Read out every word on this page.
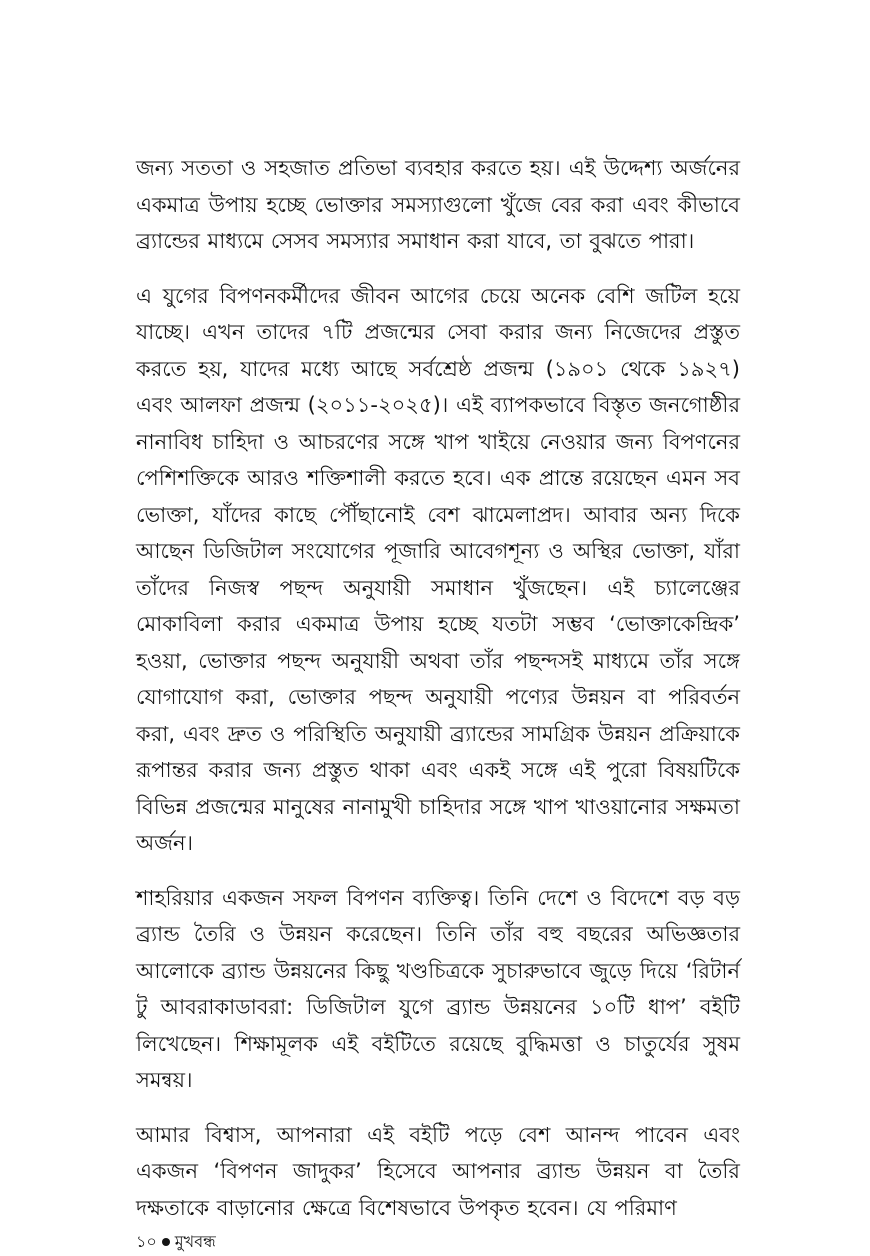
জন্য সততা ও সহজাত প্রতিভা ব্যবহার করতে হয়। এই উদ্দেশ্য অর্জনের একমাত্র উপায় হচ্ছে ভোক্তার সমস্যাগুলো খুঁজে বের করা এবং কীভাবে ব্র্যান্ডের মাধ্যমে সেসব সমস্যার সমাধান করা যাবে, তা বুঝতে পারা।

এ যুগের বিপণনকর্মীদের জীবন আগের চেয়ে অনেক বেশি জটিল হয়ে যাচ্ছে। এখন তাদের ৭টি প্রজন্মের সেবা করার জন্য নিজেদের প্রস্তুত করতে হয়, যাদের মধ্যে আছে সর্বশ্রেষ্ঠ প্রজন্ম (১৯০১ থেকে ১৯২৭) এবং আলফা প্রজন্ম (২০১১-২০২৫)। এই ব্যাপকভাবে বিস্তৃত জনগোষ্ঠীর নানাবিধ চাহিদা ও আচরণের সঙ্গে খাপ খাইয়ে নেওয়ার জন্য বিপণনের পেশিশক্তিকে আরও শক্তিশালী করতে হবে। এক প্রান্তে রয়েছেন এমন সব ভোক্তা, যাঁদের কাছে পৌঁছানোই বেশ ঝামেলাপ্রদ। আবার অন্য দিকে আছেন ডিজিটাল সংযোগের পূজারি আবেগশূন্য ও অস্থির ভোক্তা, যাঁরা তাঁদের নিজস্ব পছন্দ অনুযায়ী সমাধান খুঁজছেন। এই চ্যালেঞ্জের মোকাবিলা করার একমাত্র উপায় হচ্ছে যতটা সম্ভব ‘ভোক্তাকেন্দ্রিক’ হওয়া, ভোক্তার পছন্দ অনুযায়ী অথবা তাঁর পছন্দসই মাধ্যমে তাঁর সঙ্গে যোগাযোগ করা, ভোক্তার পছন্দ অনুযায়ী পণ্যের উন্নয়ন বা পরিবর্তন করা, এবং দ্রুত ও পরিস্থিতি অনুযায়ী ব্র্যান্ডের সামগ্রিক উন্নয়ন প্রক্রিয়াকে রূপান্তর করার জন্য প্রস্তুত থাকা এবং একই সঙ্গে এই পুরো বিষয়টিকে বিভিন্ন প্রজন্মের মানুষের নানামুখী চাহিদার সঙ্গে খাপ খাওয়ানোর সক্ষমতা অর্জন।

শাহরিয়ার একজন সফল বিপণন ব্যক্তিত্ব। তিনি দেশে ও বিদেশে বড় বড় ব্র্যান্ড তৈরি ও উন্নয়ন করেছেন। তিনি তাঁর বহু বছরের অভিজ্ঞতার আলোকে ব্র্যান্ড উন্নয়নের কিছু খণ্ডচিত্রকে সুচারুভাবে জুড়ে দিয়ে ‘রিটার্ন টু আবরাকাডাবরা: ডিজিটাল যুগে ব্র্যান্ড উন্নয়নের ১০টি ধাপ’ বইটি লিখেছেন। শিক্ষামূলক এই বইটিতে রয়েছে বুদ্ধিমত্তা ও চাতুর্যের সুষম সমন্বয়।

আমার বিশ্বাস, আপনারা এই বইটি পড়ে বেশ আনন্দ পাবেন এবং একজন ‘বিপণন জাদুকর’ হিসেবে আপনার ব্র্যান্ড উন্নয়ন বা তৈরি দক্ষতাকে বাড়ানোর ক্ষেত্রে বিশেষভাবে উপকৃত হবেন। যে পরিমাণ

১০ মুখবন্ধ
